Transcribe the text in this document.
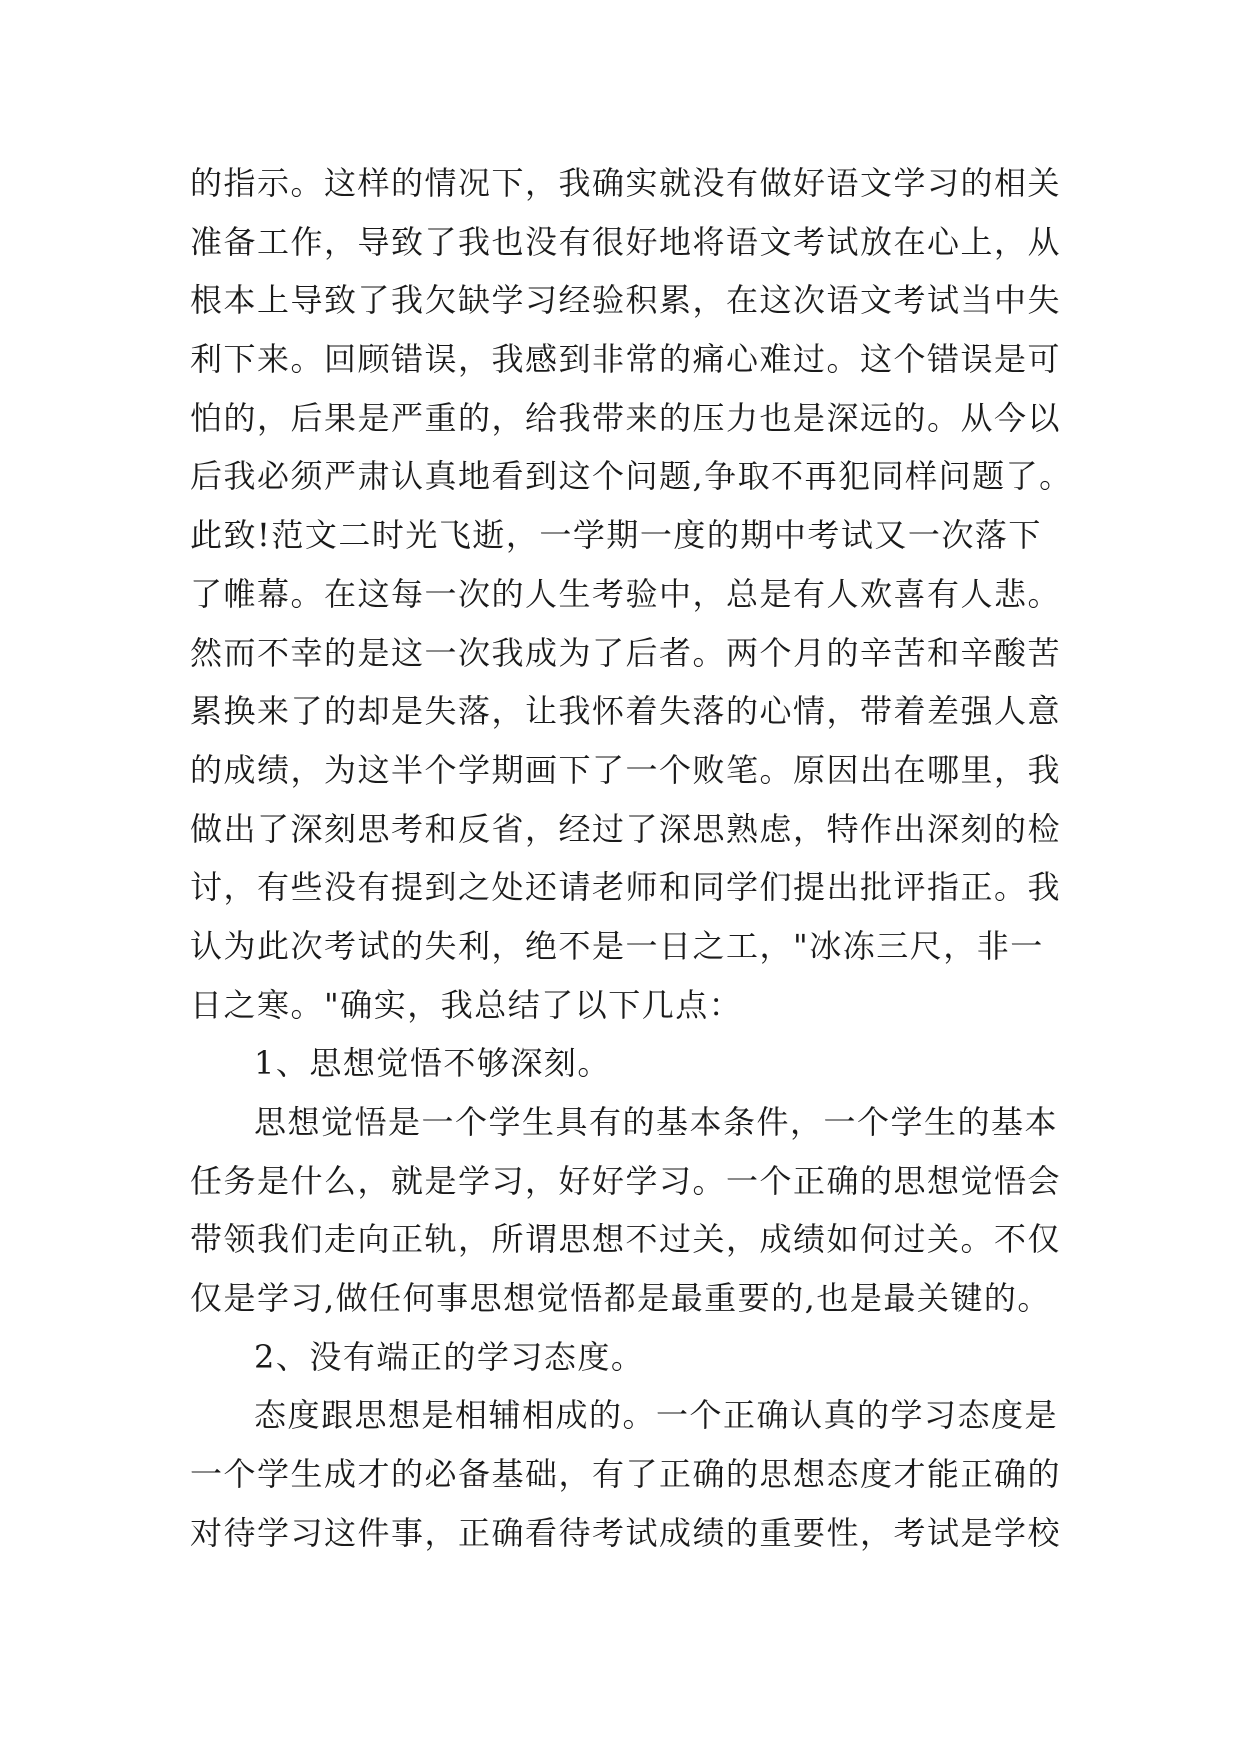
的指示。这样的情况下，我确实就没有做好语文学习的相关
准备工作，导致了我也没有很好地将语文考试放在心上，从
根本上导致了我欠缺学习经验积累，在这次语文考试当中失
利下来。回顾错误，我感到非常的痛心难过。这个错误是可
怕的，后果是严重的，给我带来的压力也是深远的。从今以
后我必须严肃认真地看到这个问题,争取不再犯同样问题了。
此致!范文二时光飞逝，一学期一度的期中考试又一次落下
了帷幕。在这每一次的人生考验中，总是有人欢喜有人悲。
然而不幸的是这一次我成为了后者。两个月的辛苦和辛酸苦
累换来了的却是失落，让我怀着失落的心情，带着差强人意
的成绩，为这半个学期画下了一个败笔。原因出在哪里，我
做出了深刻思考和反省，经过了深思熟虑，特作出深刻的检
讨，有些没有提到之处还请老师和同学们提出批评指正。我
认为此次考试的失利，绝不是一日之工，"冰冻三尺，非一
日之寒。"确实，我总结了以下几点：
1、思想觉悟不够深刻。
思想觉悟是一个学生具有的基本条件，一个学生的基本
任务是什么，就是学习，好好学习。一个正确的思想觉悟会
带领我们走向正轨，所谓思想不过关，成绩如何过关。不仅
仅是学习,做任何事思想觉悟都是最重要的,也是最关键的。
2、没有端正的学习态度。
态度跟思想是相辅相成的。一个正确认真的学习态度是
一个学生成才的必备基础，有了正确的思想态度才能正确的
对待学习这件事，正确看待考试成绩的重要性，考试是学校
